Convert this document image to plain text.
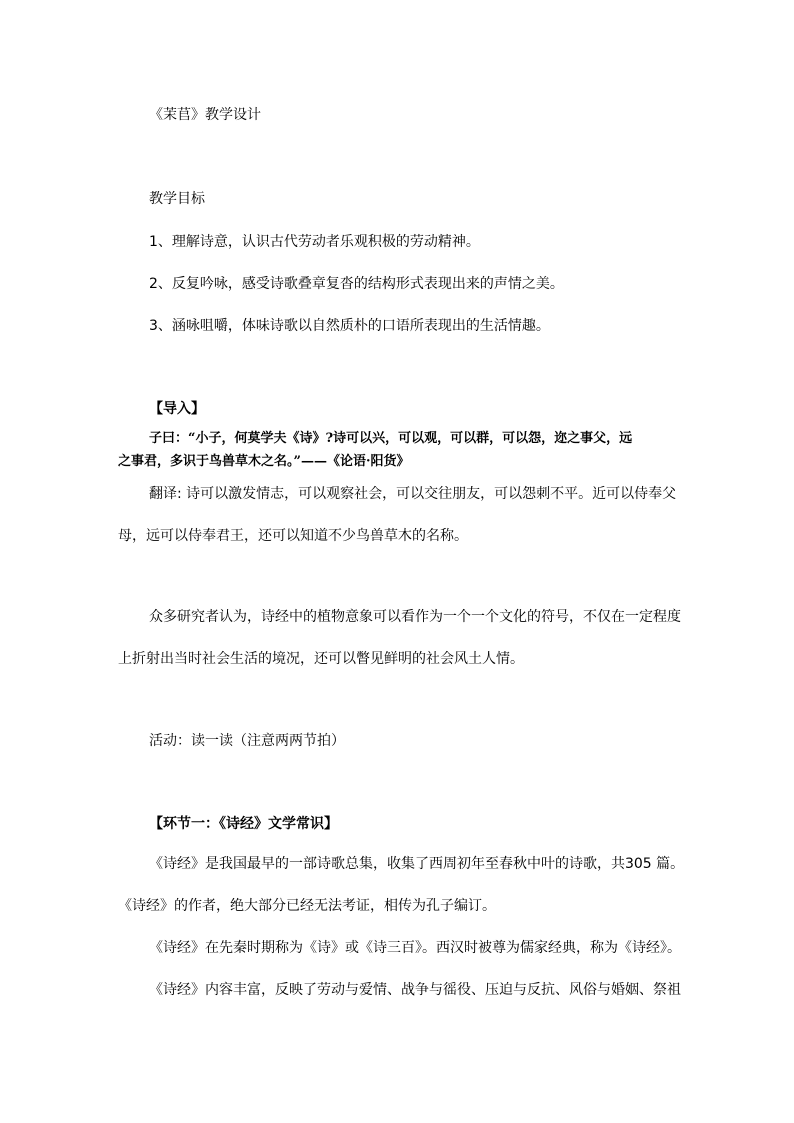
《茉苢》教学设计
教学目标
1、理解诗意，认识古代劳动者乐观积极的劳动精神。
2、反复吟咏，感受诗歌叠章复沓的结构形式表现出来的声情之美。
3、涵咏咀嚼，体味诗歌以自然质朴的口语所表现出的生活情趣。
【导入】
子曰：“小子，何莫学夫《诗》?诗可以兴，可以观，可以群，可以怨，迩之事父，远
之事君，多识于鸟兽草木之名。”——《论语·阳货》
翻译: 诗可以激发情志，可以观察社会，可以交往朋友，可以怨刺不平。近可以侍奉父
母，远可以侍奉君王，还可以知道不少鸟兽草木的名称。
众多研究者认为，诗经中的植物意象可以看作为一个一个文化的符号，不仅在一定程度
上折射出当时社会生活的境况，还可以瞥见鲜明的社会风土人情。
活动：读一读（注意两两节拍）
【环节一：《诗经》文学常识】
《诗经》是我国最早的一部诗歌总集，收集了西周初年至春秋中叶的诗歌，共305 篇。
《诗经》的作者，绝大部分已经无法考证，相传为孔子编订。
《诗经》在先秦时期称为《诗》或《诗三百》。西汉时被尊为儒家经典，称为《诗经》。
《诗经》内容丰富，反映了劳动与爱情、战争与徭役、压迫与反抗、风俗与婚姻、祭祖
